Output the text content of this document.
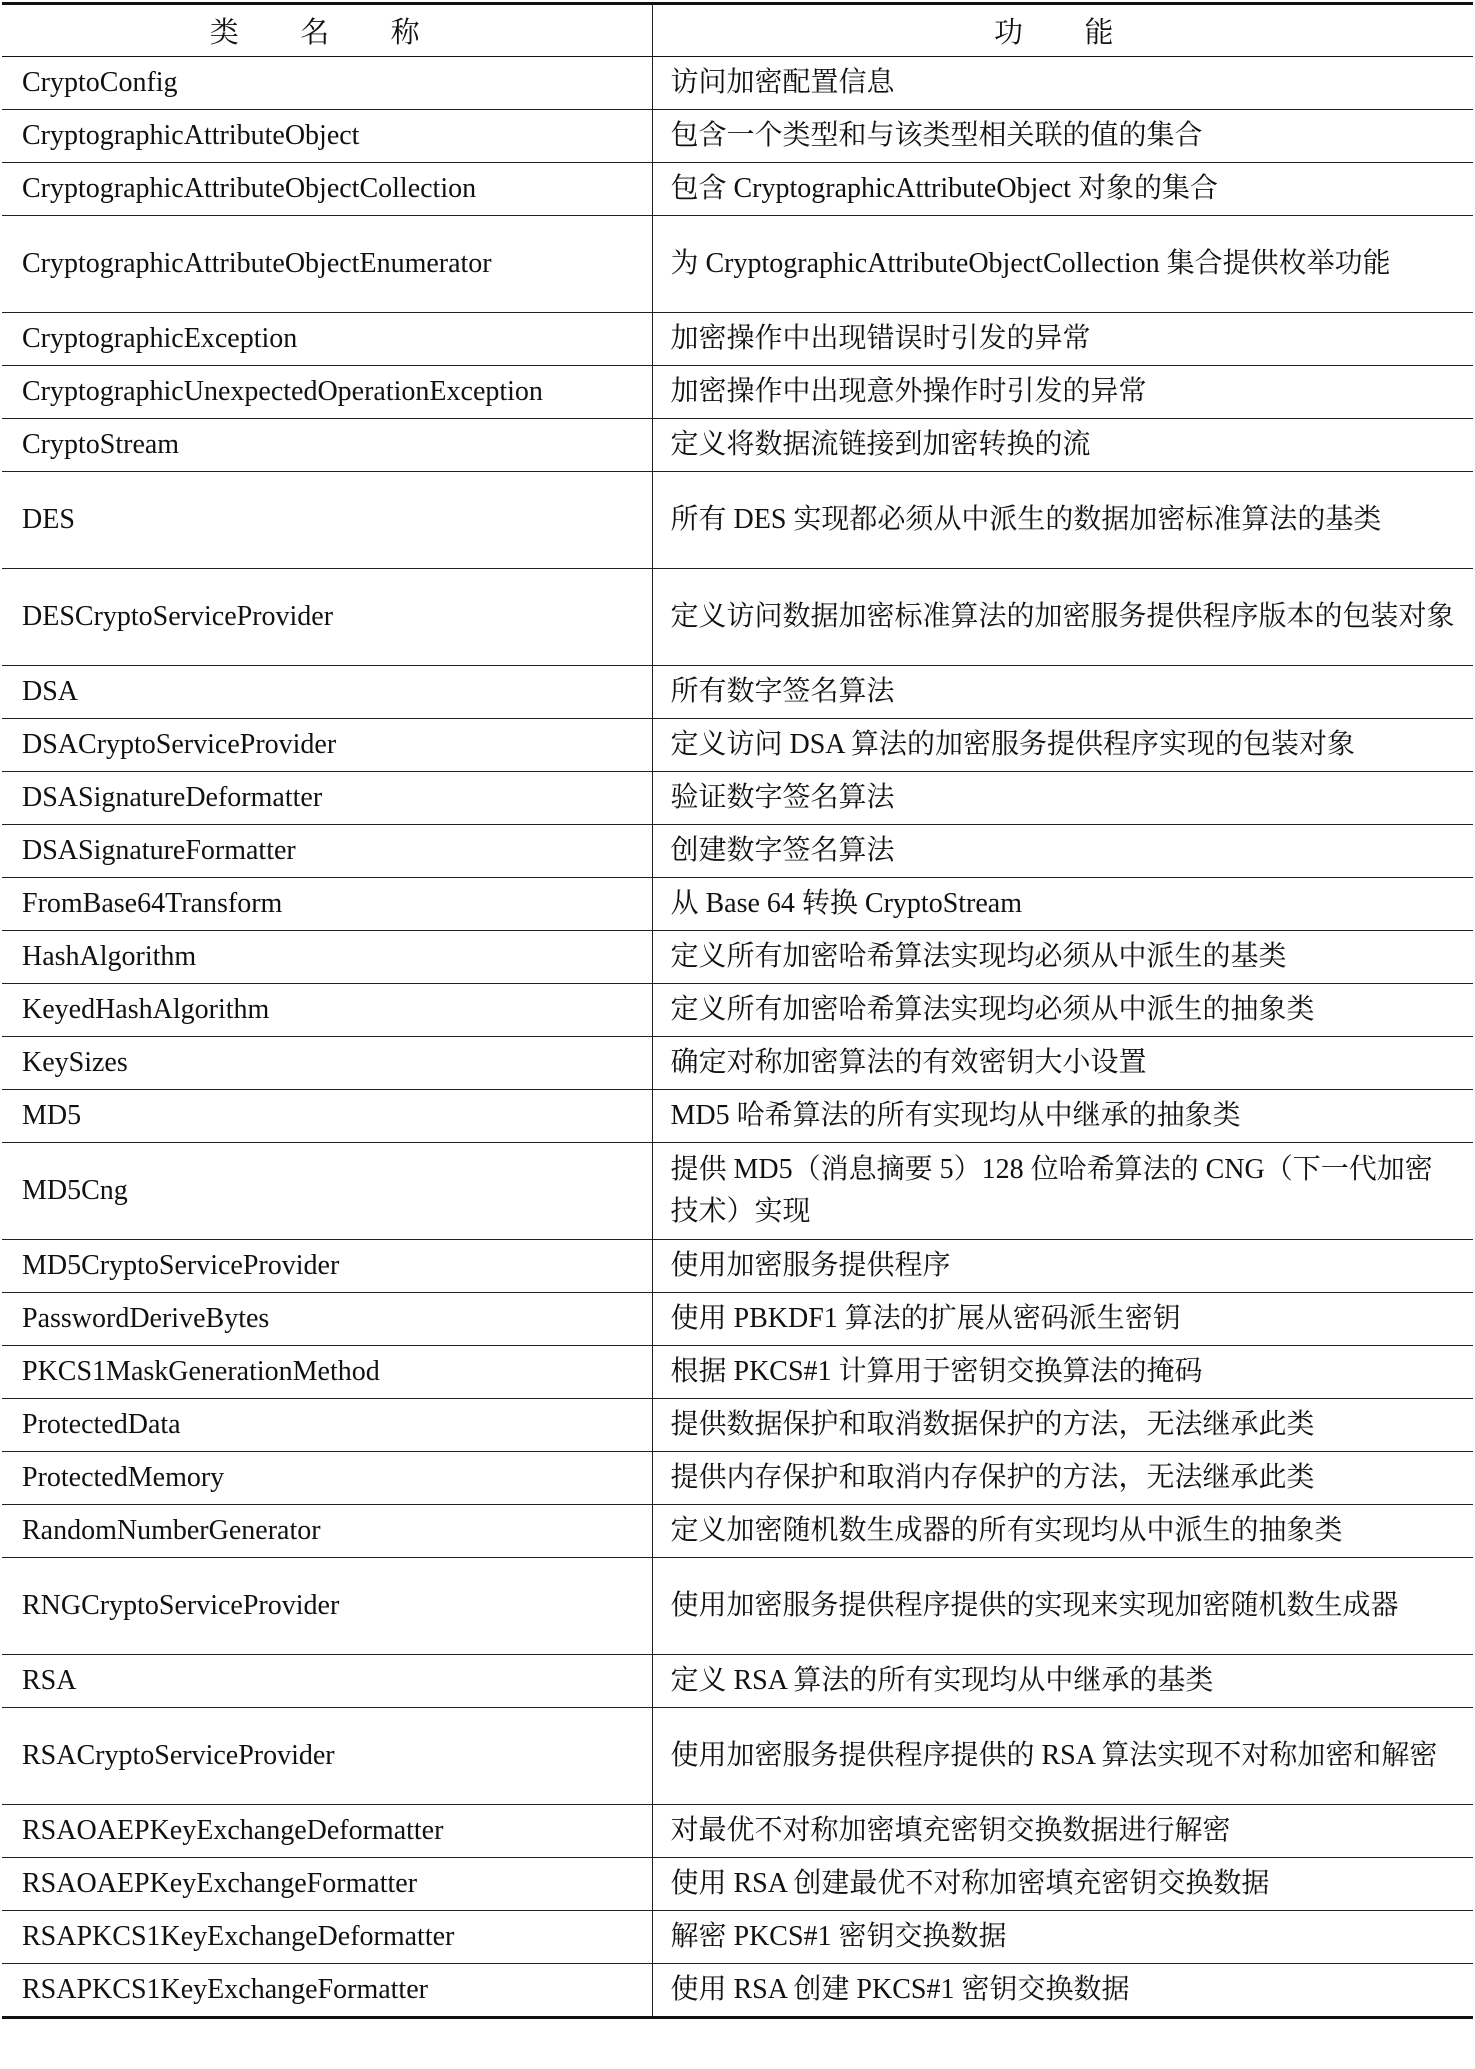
类 名 称	功 能
CryptoConfig	访问加密配置信息
CryptographicAttributeObject	包含一个类型和与该类型相关联的值的集合
CryptographicAttributeObjectCollection	包含 CryptographicAttributeObject 对象的集合
CryptographicAttributeObjectEnumerator	为 CryptographicAttributeObjectCollection 集合提供枚举功能
CryptographicException	加密操作中出现错误时引发的异常
CryptographicUnexpectedOperationException	加密操作中出现意外操作时引发的异常
CryptoStream	定义将数据流链接到加密转换的流
DES	所有 DES 实现都必须从中派生的数据加密标准算法的基类
DESCryptoServiceProvider	定义访问数据加密标准算法的加密服务提供程序版本的包装对象
DSA	所有数字签名算法
DSACryptoServiceProvider	定义访问 DSA 算法的加密服务提供程序实现的包装对象
DSASignatureDeformatter	验证数字签名算法
DSASignatureFormatter	创建数字签名算法
FromBase64Transform	从 Base 64 转换 CryptoStream
HashAlgorithm	定义所有加密哈希算法实现均必须从中派生的基类
KeyedHashAlgorithm	定义所有加密哈希算法实现均必须从中派生的抽象类
KeySizes	确定对称加密算法的有效密钥大小设置
MD5	MD5 哈希算法的所有实现均从中继承的抽象类
MD5Cng	提供 MD5（消息摘要 5）128 位哈希算法的 CNG（下一代加密技术）实现
MD5CryptoServiceProvider	使用加密服务提供程序
PasswordDeriveBytes	使用 PBKDF1 算法的扩展从密码派生密钥
PKCS1MaskGenerationMethod	根据 PKCS#1 计算用于密钥交换算法的掩码
ProtectedData	提供数据保护和取消数据保护的方法，无法继承此类
ProtectedMemory	提供内存保护和取消内存保护的方法，无法继承此类
RandomNumberGenerator	定义加密随机数生成器的所有实现均从中派生的抽象类
RNGCryptoServiceProvider	使用加密服务提供程序提供的实现来实现加密随机数生成器
RSA	定义 RSA 算法的所有实现均从中继承的基类
RSACryptoServiceProvider	使用加密服务提供程序提供的 RSA 算法实现不对称加密和解密
RSAOAEPKeyExchangeDeformatter	对最优不对称加密填充密钥交换数据进行解密
RSAOAEPKeyExchangeFormatter	使用 RSA 创建最优不对称加密填充密钥交换数据
RSAPKCS1KeyExchangeDeformatter	解密 PKCS#1 密钥交换数据
RSAPKCS1KeyExchangeFormatter	使用 RSA 创建 PKCS#1 密钥交换数据
